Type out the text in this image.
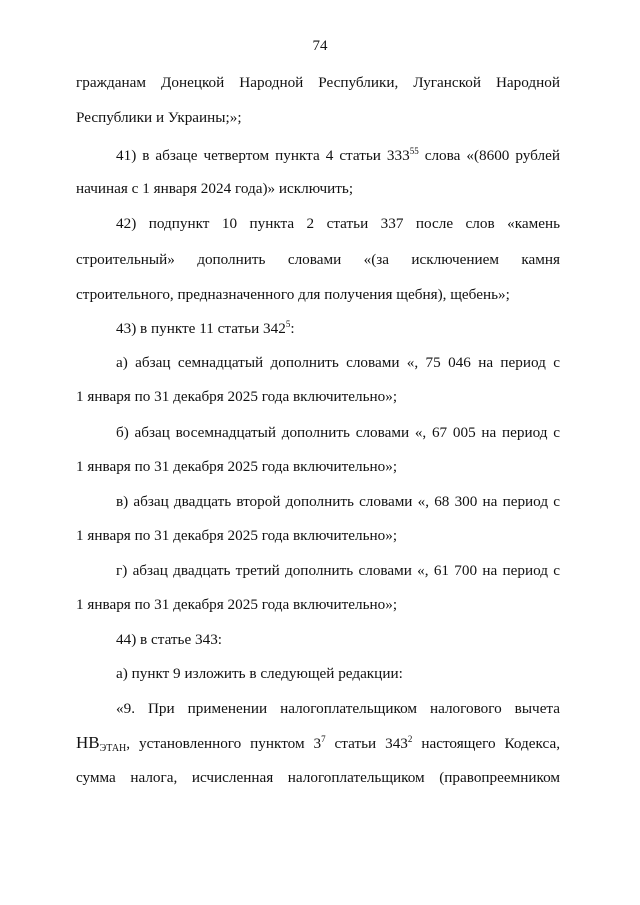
74
гражданам Донецкой Народной Республики, Луганской Народной
Республики и Украины;»;
41) в абзаце четвертом пункта 4 статьи $333^{55}$ слова «(8600 рублей
начиная с 1 января 2024 года)» исключить;
42) подпункт 10 пункта 2 статьи 337 после слов «камень
строительный» дополнить словами «(за исключением камня
строительного, предназначенного для получения щебня), щебень»;
43) в пункте 11 статьи $342^5$:
а) абзац семнадцатый дополнить словами «, 75 046 на период с
1 января по 31 декабря 2025 года включительно»;
б) абзац восемнадцатый дополнить словами «, 67 005 на период с
1 января по 31 декабря 2025 года включительно»;
в) абзац двадцать второй дополнить словами «, 68 300 на период с
1 января по 31 декабря 2025 года включительно»;
г) абзац двадцать третий дополнить словами «, 61 700 на период с
1 января по 31 декабря 2025 года включительно»;
44) в статье 343:
а) пункт 9 изложить в следующей редакции:
«9. При применении налогоплательщиком налогового вычета
$НВ_{ЭТАН}$, установленного пунктом $3^7$ статьи $343^2$ настоящего Кодекса,
сумма налога, исчисленная налогоплательщиком (правопреемником
